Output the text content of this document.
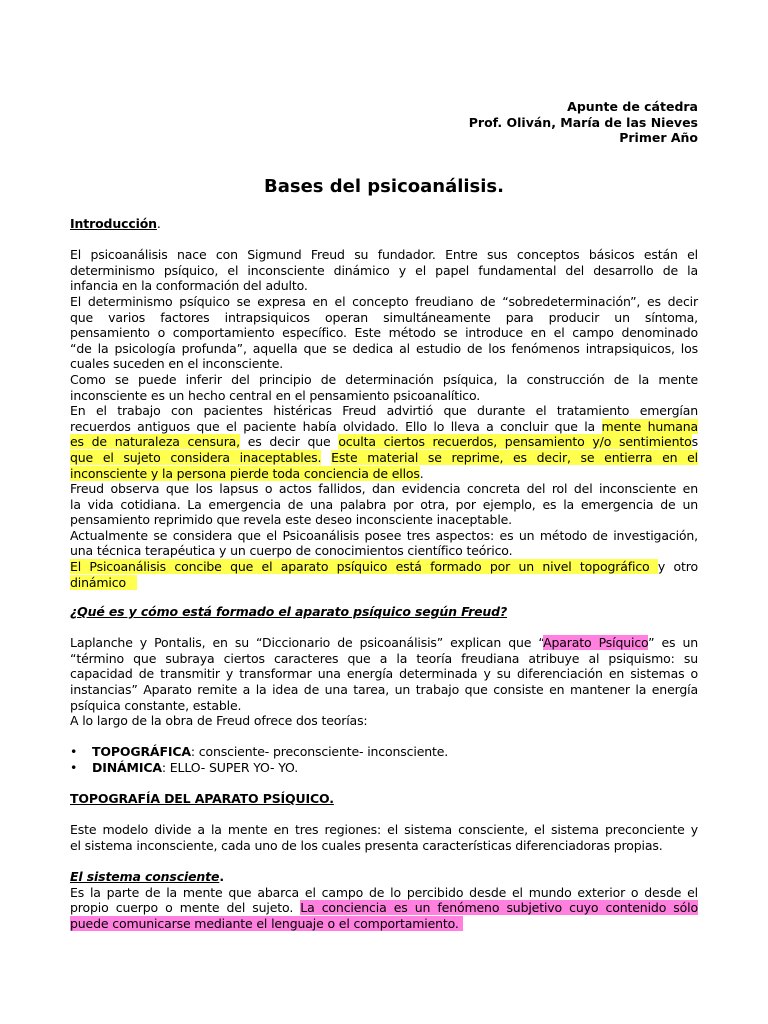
Apunte de cátedra
Prof. Oliván, María de las Nieves
Primer Año
Bases del psicoanálisis.

Introducción.

El psicoanálisis nace con Sigmund Freud su fundador. Entre sus conceptos básicos están el

determinismo psíquico, el inconsciente dinámico y el papel fundamental del desarrollo de la

infancia en la conformación del adulto.

El determinismo psíquico se expresa en el concepto freudiano de “sobredeterminación”, es decir

que varios factores intrapsiquicos operan simultáneamente para producir un síntoma,

pensamiento o comportamiento específico. Este método se introduce en el campo denominado

“de la psicología profunda”, aquella que se dedica al estudio de los fenómenos intrapsiquicos, los

cuales suceden en el inconsciente.

Como se puede inferir del principio de determinación psíquica, la construcción de la mente

inconsciente es un hecho central en el pensamiento psicoanalítico.

En el trabajo con pacientes histéricas Freud advirtió que durante el tratamiento emergían

recuerdos antiguos que el paciente había olvidado. Ello lo lleva a concluir que la mente humana

es de naturaleza censura, es decir que oculta ciertos recuerdos, pensamiento y/o sentimientos

que el sujeto considera inaceptables. Este material se reprime, es decir, se entierra en el

inconsciente y la persona pierde toda conciencia de ellos.

Freud observa que los lapsus o actos fallidos, dan evidencia concreta del rol del inconsciente en

la vida cotidiana. La emergencia de una palabra por otra, por ejemplo, es la emergencia de un

pensamiento reprimido que revela este deseo inconsciente inaceptable.

Actualmente se considera que el Psicoanálisis posee tres aspectos: es un método de investigación,

una técnica terapéutica y un cuerpo de conocimientos científico teórico.

El Psicoanálisis concibe que el aparato psíquico está formado por un nivel topográfico y otro

dinámico

¿Qué es y cómo está formado el aparato psíquico según Freud?

Laplanche y Pontalis, en su “Diccionario de psicoanálisis” explican que “Aparato Psíquico” es un

“término que subraya ciertos caracteres que a la teoría freudiana atribuye al psiquismo: su

capacidad de transmitir y transformar una energía determinada y su diferenciación en sistemas o

instancias” Aparato remite a la idea de una tarea, un trabajo que consiste en mantener la energía

psíquica constante, estable.

A lo largo de la obra de Freud ofrece dos teorías:

• TOPOGRÁFICA: consciente- preconsciente- inconsciente.
• DINÁMICA: ELLO- SUPER YO- YO.

TOPOGRAFÍA DEL APARATO PSÍQUICO.

Este modelo divide a la mente en tres regiones: el sistema consciente, el sistema preconciente y

el sistema inconsciente, cada uno de los cuales presenta características diferenciadoras propias.

El sistema consciente.

Es la parte de la mente que abarca el campo de lo percibido desde el mundo exterior o desde el

propio cuerpo o mente del sujeto. La conciencia es un fenómeno subjetivo cuyo contenido sólo

puede comunicarse mediante el lenguaje o el comportamiento.
